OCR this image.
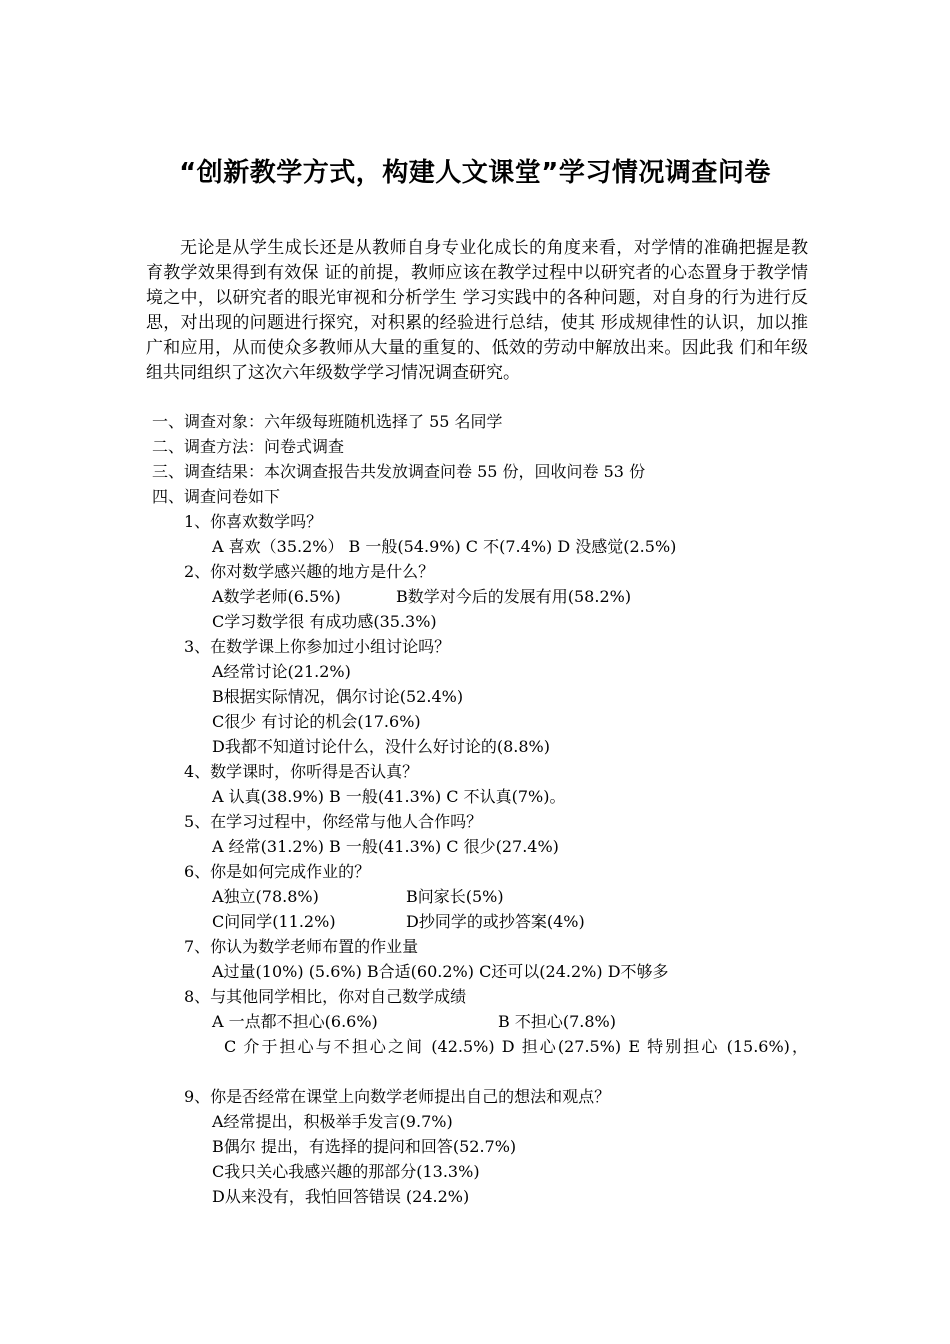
“创新教学方式，构建人文课堂”学习情况调查问卷

无论是从学生成长还是从教师自身专业化成长的角度来看，对学情的准确把握是教育教学效果得到有效保 证的前提，教师应该在教学过程中以研究者的心态置身于教学情境之中，以研究者的眼光审视和分析学生 学习实践中的各种问题，对自身的行为进行反思，对出现的问题进行探究，对积累的经验进行总结，使其 形成规律性的认识，加以推广和应用，从而使众多教师从大量的重复的、低效的劳动中解放出来。因此我 们和年级组共同组织了这次六年级数学学习情况调查研究。

一、调查对象：六年级每班随机选择了 55 名同学
二、调查方法：问卷式调查
三、调查结果：本次调查报告共发放调查问卷 55 份，回收问卷 53 份
四、调查问卷如下
1、你喜欢数学吗？
A 喜欢（35.2%） B 一般(54.9%) C 不(7.4%) D 没感觉(2.5%)
2、你对数学感兴趣的地方是什么？
A数学老师(6.5%)	B数学对今后的发展有用(58.2%)
C学习数学很 有成功感(35.3%)
3、在数学课上你参加过小组讨论吗？
A经常讨论(21.2%)
B根据实际情况，偶尔讨论(52.4%)
C很少 有讨论的机会(17.6%)
D我都不知道讨论什么，没什么好讨论的(8.8%)
4、数学课时，你听得是否认真？
A 认真(38.9%) B 一般(41.3%) C 不认真(7%)。
5、在学习过程中，你经常与他人合作吗？
A 经常(31.2%) B 一般(41.3%) C 很少(27.4%)
6、你是如何完成作业的？
A独立(78.8%)	B问家长(5%)
C问同学(11.2%)	D抄同学的或抄答案(4%)
7、你认为数学老师布置的作业量
A过量(10%) (5.6%) B合适(60.2%) C还可以(24.2%) D不够多
8、与其他同学相比，你对自己数学成绩
A 一点都不担心(6.6%)	B 不担心(7.8%)
C 介于担心与不担心之间 (42.5%) D 担心(27.5%) E 特别担心 (15.6%)，
9、你是否经常在课堂上向数学老师提出自己的想法和观点？
A经常提出，积极举手发言(9.7%)
B偶尔 提出，有选择的提问和回答(52.7%)
C我只关心我感兴趣的那部分(13.3%)
D从来没有，我怕回答错误 (24.2%)
